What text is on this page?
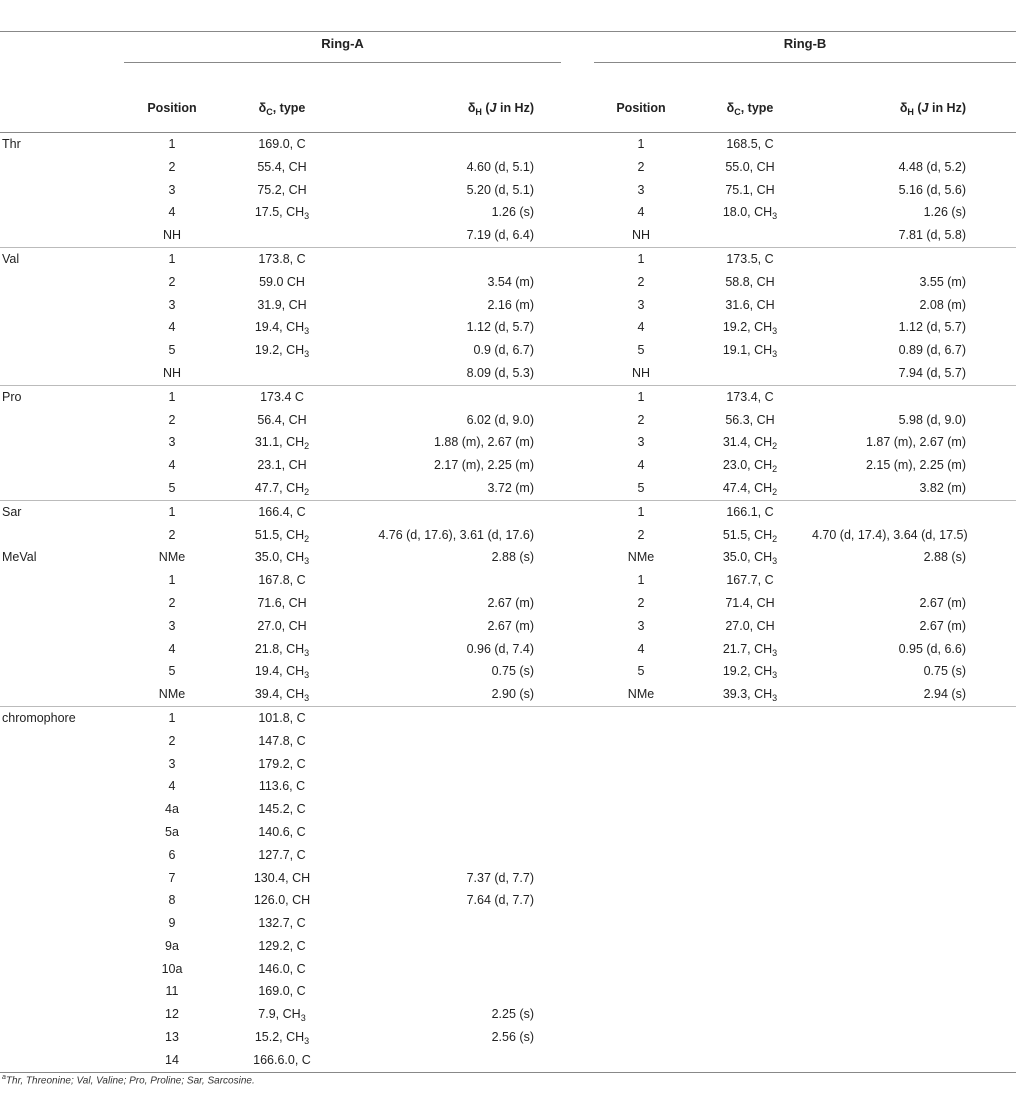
Ring-A	Ring-B

	Position	$\delta_C$, type	$\delta_H$ (J in Hz)	Position	$\delta_C$, type	$\delta_H$ (J in Hz)
Thr	1	169.0, C		1	168.5, C	
	2	55.4, CH	4.60 (d, 5.1)	2	55.0, CH	4.48 (d, 5.2)
	3	75.2, CH	5.20 (d, 5.1)	3	75.1, CH	5.16 (d, 5.6)
	4	17.5, $CH_3$	1.26 (s)	4	18.0, $CH_3$	1.26 (s)
	NH		7.19 (d, 6.4)	NH		7.81 (d, 5.8)
Val	1	173.8, C		1	173.5, C	
	2	59.0 CH	3.54 (m)	2	58.8, CH	3.55 (m)
	3	31.9, CH	2.16 (m)	3	31.6, CH	2.08 (m)
	4	19.4, $CH_3$	1.12 (d, 5.7)	4	19.2, $CH_3$	1.12 (d, 5.7)
	5	19.2, $CH_3$	0.9 (d, 6.7)	5	19.1, $CH_3$	0.89 (d, 6.7)
	NH		8.09 (d, 5.3)	NH		7.94 (d, 5.7)
Pro	1	173.4 C		1	173.4, C	
	2	56.4, CH	6.02 (d, 9.0)	2	56.3, CH	5.98 (d, 9.0)
	3	31.1, $CH_2$	1.88 (m), 2.67 (m)	3	31.4, $CH_2$	1.87 (m), 2.67 (m)
	4	23.1, CH	2.17 (m), 2.25 (m)	4	23.0, $CH_2$	2.15 (m), 2.25 (m)
	5	47.7, $CH_2$	3.72 (m)	5	47.4, $CH_2$	3.82 (m)
Sar	1	166.4, C		1	166.1, C	
	2	51.5, $CH_2$	4.76 (d, 17.6), 3.61 (d, 17.6)	2	51.5, $CH_2$	4.70 (d, 17.4), 3.64 (d, 17.5)
MeVal	NMe	35.0, $CH_3$	2.88 (s)	NMe	35.0, $CH_3$	2.88 (s)
	1	167.8, C		1	167.7, C	
	2	71.6, CH	2.67 (m)	2	71.4, CH	2.67 (m)
	3	27.0, CH	2.67 (m)	3	27.0, CH	2.67 (m)
	4	21.8, $CH_3$	0.96 (d, 7.4)	4	21.7, $CH_3$	0.95 (d, 6.6)
	5	19.4, $CH_3$	0.75 (s)	5	19.2, $CH_3$	0.75 (s)
	NMe	39.4, $CH_3$	2.90 (s)	NMe	39.3, $CH_3$	2.94 (s)
chromophore	1	101.8, C				
	2	147.8, C				
	3	179.2, C				
	4	113.6, C				
	4a	145.2, C				
	5a	140.6, C				
	6	127.7, C				
	7	130.4, CH	7.37 (d, 7.7)			
	8	126.0, CH	7.64 (d, 7.7)			
	9	132.7, C				
	9a	129.2, C				
	10a	146.0, C				
	11	169.0, C				
	12	7.9, $CH_3$	2.25 (s)			
	13	15.2, $CH_3$	2.56 (s)			
	14	166.6.0, C				
$^a$Thr, Threonine; Val, Valine; Pro, Proline; Sar, Sarcosine.
